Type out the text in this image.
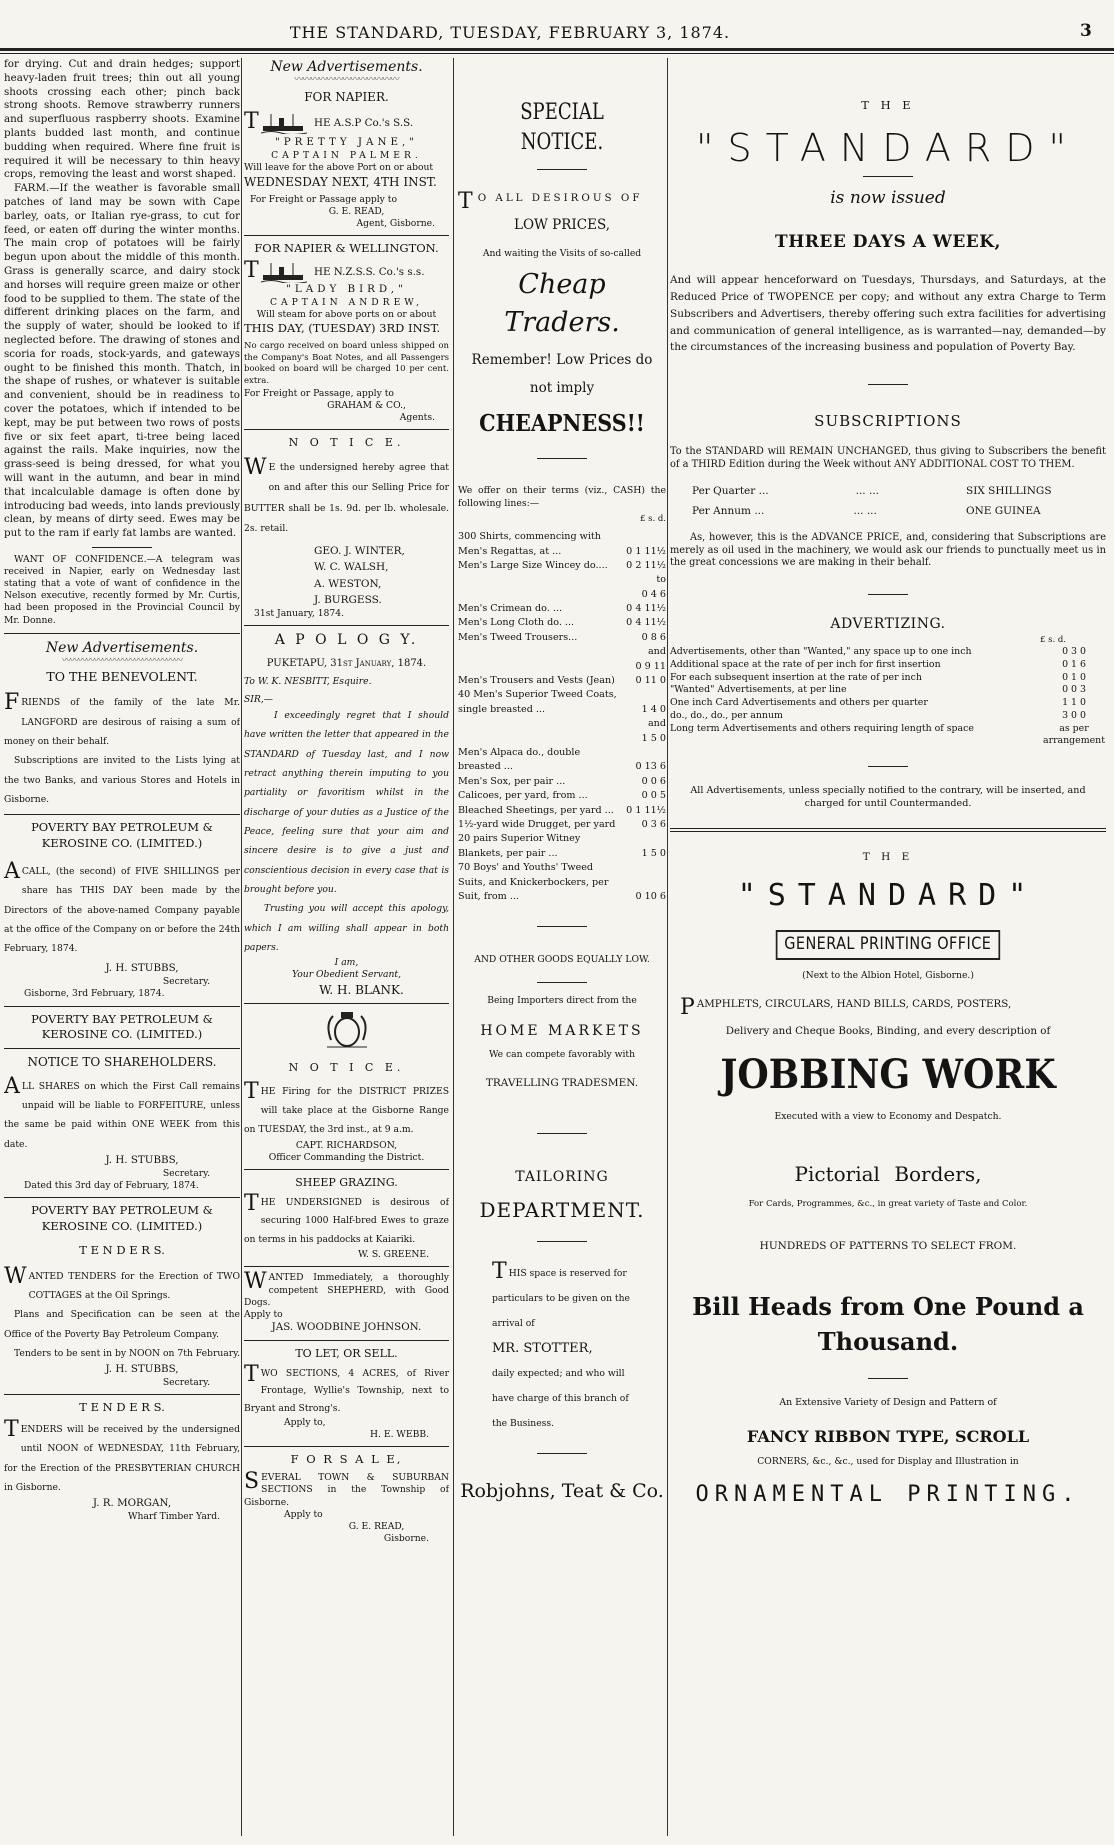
THE STANDARD, TUESDAY, FEBRUARY 3, 1874.	3

for drying. Cut and drain hedges; support heavy-laden fruit trees; thin out all young shoots crossing each other; pinch back strong shoots. Remove strawberry runners and superfluous raspberry shoots. Examine plants budded last month, and continue budding when required. Where fine fruit is required it will be necessary to thin heavy crops, removing the least and worst shaped.

FARM.—If the weather is favorable small patches of land may be sown with Cape barley, oats, or Italian rye-grass, to cut for feed, or eaten off during the winter months. The main crop of potatoes will be fairly begun upon about the middle of this month. Grass is generally scarce, and dairy stock and horses will require green maize or other food to be supplied to them. The state of the different drinking places on the farm, and the supply of water, should be looked to if neglected before. The drawing of stones and scoria for roads, stock-yards, and gateways ought to be finished this month. Thatch, in the shape of rushes, or whatever is suitable and convenient, should be in readiness to cover the potatoes, which if intended to be kept, may be put between two rows of posts five or six feet apart, ti-tree being laced against the rails. Make inquiries, now the grass-seed is being dressed, for what you will want in the autumn, and bear in mind that incalculable damage is often done by introducing bad weeds, into lands previously clean, by means of dirty seed. Ewes may be put to the ram if early fat lambs are wanted.

WANT OF CONFIDENCE.—A telegram was received in Napier, early on Wednesday last stating that a vote of want of confidence in the Nelson executive, recently formed by Mr. Curtis, had been proposed in the Provincial Council by Mr. Donne.

New Advertisements.

〰〰〰〰〰〰〰〰〰〰〰〰〰〰〰

TO THE BENEVOLENT.

FRIENDS of the family of the late Mr. LANGFORD are desirous of raising a sum of money on their behalf.

Subscriptions are invited to the Lists lying at the two Banks, and various Stores and Hotels in Gisborne.

POVERTY BAY PETROLEUM &

KEROSINE CO. (LIMITED.)

ACALL, (the second) of FIVE SHILLINGS per share has THIS DAY been made by the Directors of the above-named Company payable at the office of the Company on or before the 24th February, 1874.

J. H. STUBBS,

Secretary.

Gisborne, 3rd February, 1874.

POVERTY BAY PETROLEUM &

KEROSINE CO. (LIMITED.)

NOTICE TO SHAREHOLDERS.

ALL SHARES on which the First Call remains unpaid will be liable to FORFEITURE, unless the same be paid within ONE WEEK from this date.

J. H. STUBBS,

Secretary.

Dated this 3rd day of February, 1874.

POVERTY BAY PETROLEUM &

KEROSINE CO. (LIMITED.)

T E N D E R S.

WANTED TENDERS for the Erection of TWO COTTAGES at the Oil Springs.

Plans and Specification can be seen at the Office of the Poverty Bay Petroleum Company.

Tenders to be sent in by NOON on 7th February.

J. H. STUBBS,

Secretary.

T E N D E R S.

TENDERS will be received by the undersigned until NOON of WEDNESDAY, 11th February, for the Erection of the PRESBYTERIAN CHURCH in Gisborne.

J. R. MORGAN,

Wharf Timber Yard.

New Advertisements.

〰〰〰〰〰〰〰〰〰〰〰〰〰

FOR NAPIER.

T	HE A.S.P Co.'s S.S.

"PRETTY JANE,"

CAPTAIN PALMER.

Will leave for the above Port on or about

WEDNESDAY NEXT, 4TH INST.

For Freight or Passage apply to

G. E. READ,

Agent, Gisborne.

FOR NAPIER & WELLINGTON.

T	HE N.Z.S.S. Co.'s s.s.

"LADY BIRD,"

CAPTAIN ANDREW,

Will steam for above ports on or about

THIS DAY, (TUESDAY) 3RD INST.

No cargo received on board unless shipped on the Company's Boat Notes, and all Passengers booked on board will be charged 10 per cent. extra.

For Freight or Passage, apply to

GRAHAM & CO.,

Agents.

N O T I C E.

W E the undersigned hereby agree that on and after this our Selling Price for BUTTER shall be 1s. 9d. per lb. wholesale. 2s. retail.

GEO. J. WINTER,

W. C. WALSH,

A. WESTON,

J. BURGESS.

31st January, 1874.

A P O L O G Y.

PUKETAPU, 31st January, 1874.

To W. K. NESBITT, Esquire.

SIR,—

I exceedingly regret that I should have written the letter that appeared in the STANDARD of Tuesday last, and I now retract anything therein imputing to you partiality or favoritism whilst in the discharge of your duties as a Justice of the Peace, feeling sure that your aim and sincere desire is to give a just and conscientious decision in every case that is brought before you.

Trusting you will accept this apology, which I am willing shall appear in both papers.

I am,

Your Obedient Servant,

W. H. BLANK.

N O T I C E.

THE Firing for the DISTRICT PRIZES will take place at the Gisborne Range on TUESDAY, the 3rd inst., at 9 a.m.

CAPT. RICHARDSON,

Officer Commanding the District.

SHEEP GRAZING.

THE UNDERSIGNED is desirous of securing 1000 Half-bred Ewes to graze on terms in his paddocks at Kaiariki.

W. S. GREENE.

WANTED Immediately, a thoroughly competent SHEPHERD, with Good Dogs.

Apply to

JAS. WOODBINE JOHNSON.

TO LET, OR SELL.

TWO SECTIONS, 4 ACRES, of River Frontage, Wyllie's Township, next to Bryant and Strong's.

Apply to,

H. E. WEBB.

F O R S A L E,

SEVERAL TOWN & SUBURBAN SECTIONS in the Township of Gisborne.

Apply to

G. E. READ,

Gisborne.

SPECIAL NOTICE.

T O ALL DESIROUS OF

LOW PRICES,

And waiting the Visits of so-called

Cheap Traders.

Remember! Low Prices do

not imply

CHEAPNESS!!

We offer on their terms (viz., CASH) the following lines:—

£ s. d.

300 Shirts, commencing with
Men's Regattas, at ...	0 1 11½
Men's Large Size Wincey do....	0 2 11½
to
0 4 6
Men's Crimean do. ...	0 4 11½
Men's Long Cloth do. ...	0 4 11½
Men's Tweed Trousers...	0 8 6
and
0 9 11
Men's Trousers and Vests (Jean)	0 11 0
40 Men's Superior Tweed Coats,
single breasted ...	1 4 0
and
1 5 0
Men's Alpaca do., double
breasted ...	0 13 6
Men's Sox, per pair ...	0 0 6
Calicoes, per yard, from ...	0 0 5
Bleached Sheetings, per yard ...	0 1 11½
1½-yard wide Drugget, per yard	0 3 6
20 pairs Superior Witney
Blankets, per pair ...	1 5 0
70 Boys' and Youths' Tweed
Suits, and Knickerbockers, per
Suit, from ...	0 10 6

AND OTHER GOODS EQUALLY LOW.

Being Importers direct from the

HOME MARKETS

We can compete favorably with

TRAVELLING TRADESMEN.

TAILORING

DEPARTMENT.

THIS space is reserved for particulars to be given on the arrival of

MR. STOTTER,

daily expected; and who will have charge of this branch of the Business.

Robjohns, Teat & Co.

T H E

"STANDARD"

is now issued

THREE DAYS A WEEK,

And will appear henceforward on Tuesdays, Thursdays, and Saturdays, at the Reduced Price of TWOPENCE per copy; and without any extra Charge to Term Subscribers and Advertisers, thereby offering such extra facilities for advertising and communication of general intelligence, as is warranted—nay, demanded—by the circumstances of the increasing business and population of Poverty Bay.

SUBSCRIPTIONS

To the STANDARD will REMAIN UNCHANGED, thus giving to Subscribers the benefit of a THIRD Edition during the Week without ANY ADDITIONAL COST TO THEM.

Per Quarter ...	... ...	SIX SHILLINGS
Per Annum ...	... ...	ONE GUINEA

As, however, this is the ADVANCE PRICE, and, considering that Subscriptions are merely as oil used in the machinery, we would ask our friends to punctually meet us in the great concessions we are making in their behalf.

ADVERTIZING.

£ s. d.

Advertisements, other than "Wanted," any space up to one inch	0 3 0
Additional space at the rate of per inch for first insertion	0 1 6
For each subsequent insertion at the rate of per inch	0 1 0
"Wanted" Advertisements, at per line	0 0 3
One inch Card Advertisements and others per quarter	1 1 0
do., do., do., per annum	3 0 0
Long term Advertisements and others requiring length of space	as per arrangement

All Advertisements, unless specially notified to the contrary, will be inserted, and charged for until Countermanded.

T H E

"STANDARD"

GENERAL PRINTING OFFICE

(Next to the Albion Hotel, Gisborne.)

PAMPHLETS, CIRCULARS, HAND BILLS, CARDS, POSTERS,

Delivery and Cheque Books, Binding, and every description of

JOBBING WORK

Executed with a view to Economy and Despatch.

Pictorial Borders,

For Cards, Programmes, &c., in great variety of Taste and Color.

HUNDREDS OF PATTERNS TO SELECT FROM.

Bill Heads from One Pound a Thousand.

An Extensive Variety of Design and Pattern of

FANCY RIBBON TYPE, SCROLL

CORNERS, &c., &c., used for Display and Illustration in

ORNAMENTAL PRINTING.
